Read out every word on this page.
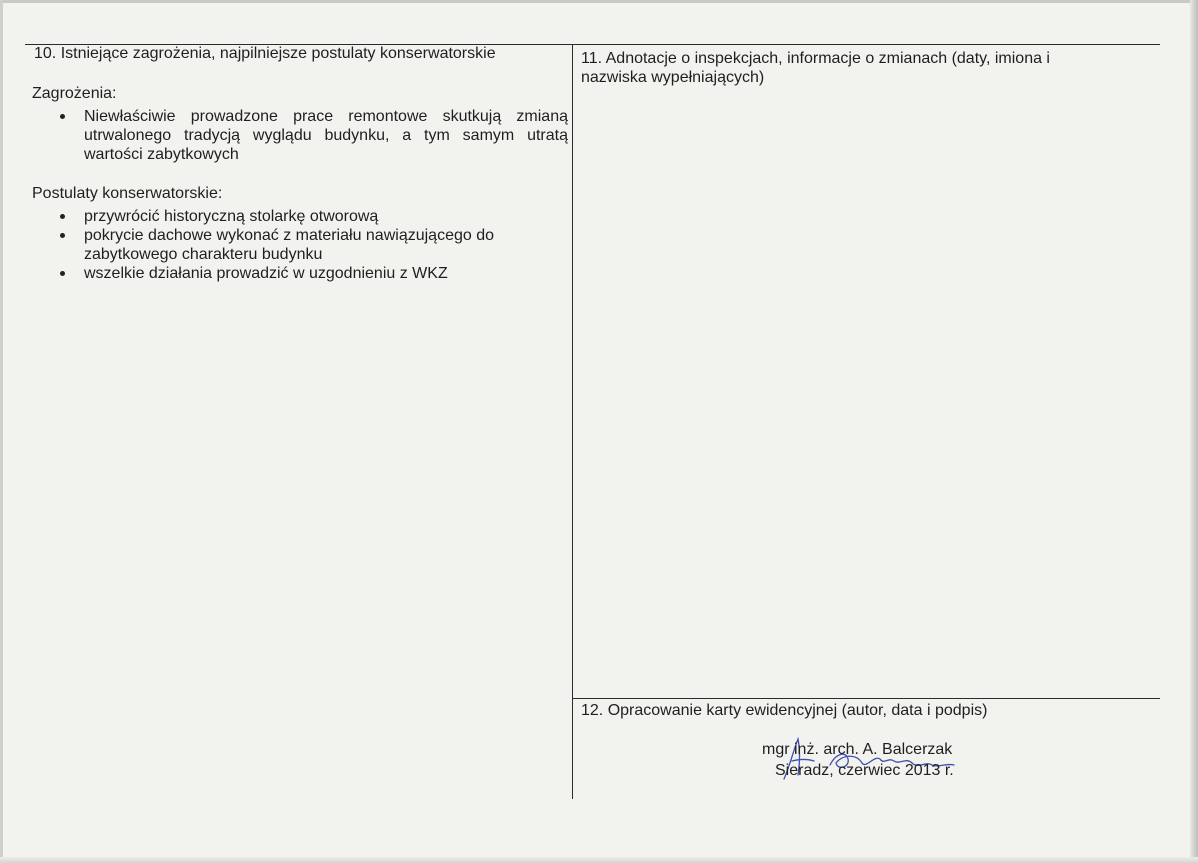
10. Istniejące zagrożenia, najpilniejsze postulaty konserwatorskie
Zagrożenia:
Niewłaściwie prowadzone prace remontowe skutkują zmianą utrwalonego tradycją wyglądu budynku, a tym samym utratą wartości zabytkowych
Postulaty konserwatorskie:
przywrócić historyczną stolarkę otworową
pokrycie dachowe wykonać z materiału nawiązującego do zabytkowego charakteru budynku
wszelkie działania prowadzić w uzgodnieniu z WKZ
11. Adnotacje o inspekcjach, informacje o zmianach (daty, imiona i
nazwiska wypełniających)
12. Opracowanie karty ewidencyjnej (autor, data i podpis)
mgr inż. arch. A. Balcerzak
Sieradz, czerwiec 2013 r.
